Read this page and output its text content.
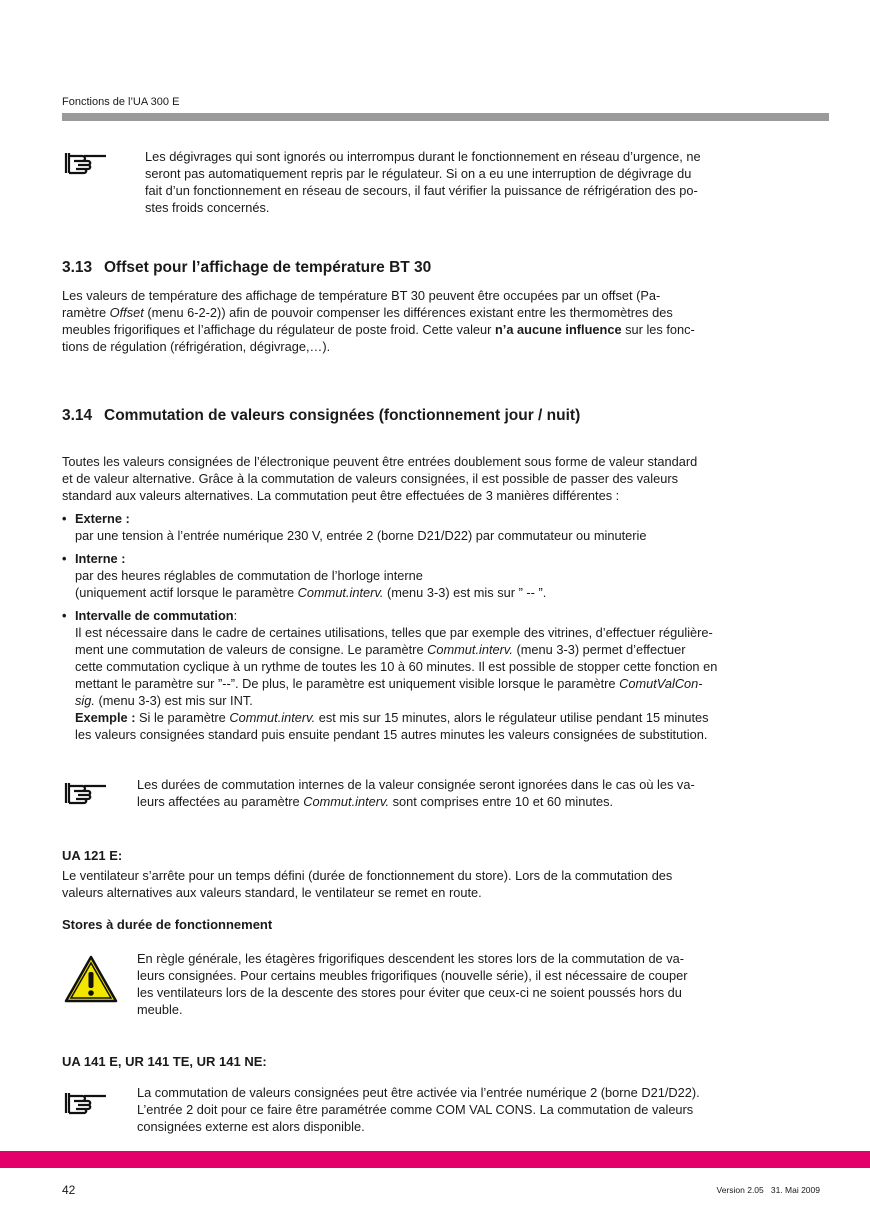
Fonctions de l’UA 300 E
Les dégivrages qui sont ignorés ou interrompus durant le fonctionnement en réseau d’urgence, ne
seront pas automatiquement repris par le régulateur. Si on a eu une interruption de dégivrage du
fait d’un fonctionnement en réseau de secours, il faut vérifier la puissance de réfrigération des po-
stes froids concernés.
3.13 Offset pour l’affichage de température BT 30
Les valeurs de température des affichage de température BT 30 peuvent être occupées par un offset (Pa-
ramètre Offset (menu 6-2-2)) afin de pouvoir compenser les différences existant entre les thermomètres des
meubles frigorifiques et l’affichage du régulateur de poste froid. Cette valeur n’a aucune influence sur les fonc-
tions de régulation (réfrigération, dégivrage,…).
3.14 Commutation de valeurs consignées (fonctionnement jour / nuit)
Toutes les valeurs consignées de l’électronique peuvent être entrées doublement sous forme de valeur standard
et de valeur alternative. Grâce à la commutation de valeurs consignées, il est possible de passer des valeurs
standard aux valeurs alternatives. La commutation peut être effectuées de 3 manières différentes :
• Externe :
par une tension à l’entrée numérique 230 V, entrée 2 (borne D21/D22) par commutateur ou minuterie
• Interne :
par des heures réglables de commutation de l’horloge interne
(uniquement actif lorsque le paramètre Commut.interv. (menu 3-3) est mis sur ” -- ”.
• Intervalle de commutation:
Il est nécessaire dans le cadre de certaines utilisations, telles que par exemple des vitrines, d’effectuer régulière-
ment une commutation de valeurs de consigne. Le paramètre Commut.interv. (menu 3-3) permet d’effectuer
cette commutation cyclique à un rythme de toutes les 10 à 60 minutes. Il est possible de stopper cette fonction en
mettant le paramètre sur ”--”. De plus, le paramètre est uniquement visible lorsque le paramètre ComutValCon-
sig. (menu 3-3) est mis sur INT.
Exemple : Si le paramètre Commut.interv. est mis sur 15 minutes, alors le régulateur utilise pendant 15 minutes
les valeurs consignées standard puis ensuite pendant 15 autres minutes les valeurs consignées de substitution.
Les durées de commutation internes de la valeur consignée seront ignorées dans le cas où les va-
leurs affectées au paramètre Commut.interv. sont comprises entre 10 et 60 minutes.
UA 121 E:
Le ventilateur s’arrête pour un temps défini (durée de fonctionnement du store). Lors de la commutation des
valeurs alternatives aux valeurs standard, le ventilateur se remet en route.
Stores à durée de fonctionnement
En règle générale, les étagères frigorifiques descendent les stores lors de la commutation de va-
leurs consignées. Pour certains meubles frigorifiques (nouvelle série), il est nécessaire de couper
les ventilateurs lors de la descente des stores pour éviter que ceux-ci ne soient poussés hors du
meuble.
UA 141 E, UR 141 TE, UR 141 NE:
La commutation de valeurs consignées peut être activée via l’entrée numérique 2 (borne D21/D22).
L’entrée 2 doit pour ce faire être paramétrée comme COM VAL CONS. La commutation de valeurs
consignées externe est alors disponible.
42	Version 2.05   31. Mai 2009
